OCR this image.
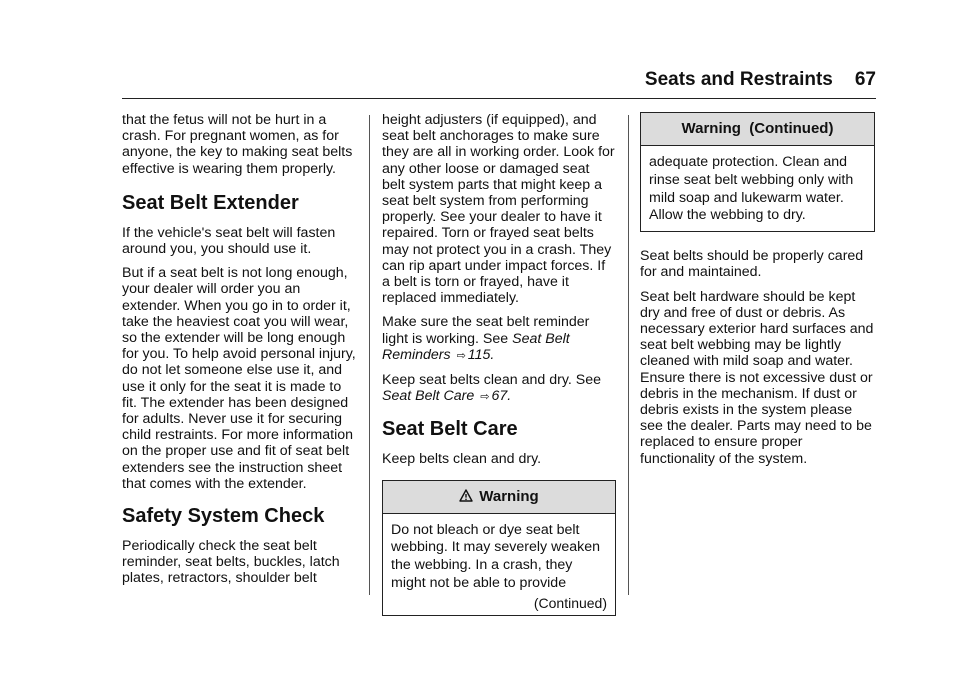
Seats and Restraints 67

that the fetus will not be hurt in a crash. For pregnant women, as for anyone, the key to making seat belts effective is wearing them properly.

Seat Belt Extender

If the vehicle's seat belt will fasten around you, you should use it.

But if a seat belt is not long enough, your dealer will order you an extender. When you go in to order it, take the heaviest coat you will wear, so the extender will be long enough for you. To help avoid personal injury, do not let someone else use it, and use it only for the seat it is made to fit. The extender has been designed for adults. Never use it for securing child restraints. For more information on the proper use and fit of seat belt extenders see the instruction sheet that comes with the extender.

Safety System Check

Periodically check the seat belt reminder, seat belts, buckles, latch plates, retractors, shoulder belt

height adjusters (if equipped), and seat belt anchorages to make sure they are all in working order. Look for any other loose or damaged seat belt system parts that might keep a seat belt system from performing properly. See your dealer to have it repaired. Torn or frayed seat belts may not protect you in a crash. They can rip apart under impact forces. If a belt is torn or frayed, have it replaced immediately.

Make sure the seat belt reminder light is working. See Seat Belt Reminders ⇨ 115.

Keep seat belts clean and dry. See Seat Belt Care ⇨ 67.

Seat Belt Care

Keep belts clean and dry.

Warning
Do not bleach or dye seat belt webbing. It may severely weaken the webbing. In a crash, they might not be able to provide
(Continued)
Warning  (Continued)
adequate protection. Clean and rinse seat belt webbing only with mild soap and lukewarm water. Allow the webbing to dry.

Seat belts should be properly cared for and maintained.

Seat belt hardware should be kept dry and free of dust or debris. As necessary exterior hard surfaces and seat belt webbing may be lightly cleaned with mild soap and water. Ensure there is not excessive dust or debris in the mechanism. If dust or debris exists in the system please see the dealer. Parts may need to be replaced to ensure proper functionality of the system.
